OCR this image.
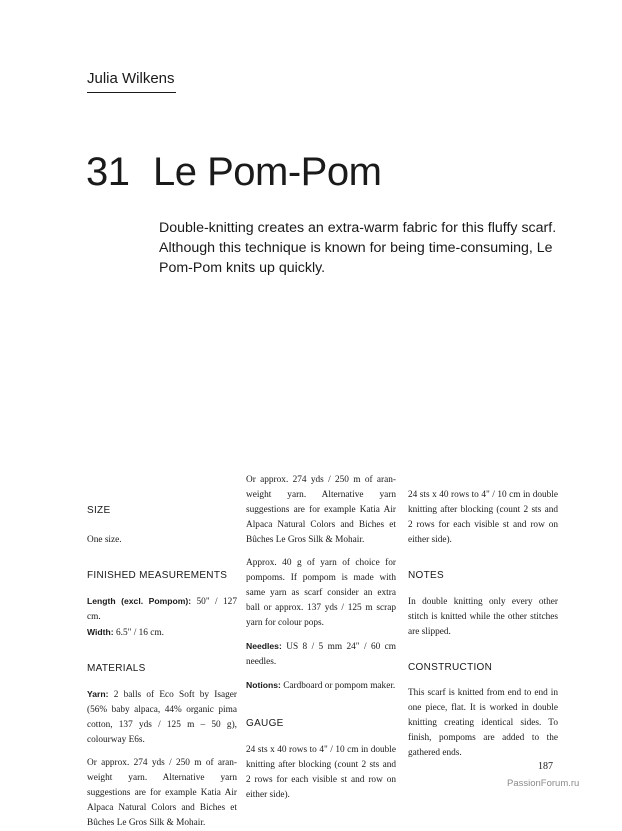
Julia Wilkens
31 Le Pom-Pom
Double-knitting creates an extra-warm fabric for this fluffy scarf. Although this technique is known for being time-consuming, Le Pom-Pom knits up quickly.

SIZE

One size.

FINISHED MEASUREMENTS

Length (excl. Pompom): 50" / 127 cm.

Width: 6.5" / 16 cm.

MATERIALS

Yarn: 2 balls of Eco Soft by Isager (56% baby alpaca, 44% organic pima cotton, 137 yds / 125 m – 50 g), colourway E6s.

Or approx. 274 yds / 250 m of aran-weight yarn. Alternative yarn suggestions are for example Katia Air Alpaca Natural Colors and Biches et Bûches Le Gros Silk & Mohair.

Or approx. 274 yds / 250 m of aran-weight yarn. Alternative yarn suggestions are for example Katia Air Alpaca Natural Colors and Biches et Bûches Le Gros Silk & Mohair.

Approx. 40 g of yarn of choice for pompoms. If pompom is made with same yarn as scarf consider an extra ball or approx. 137 yds / 125 m scrap yarn for colour pops.

Needles: US 8 / 5 mm 24" / 60 cm needles.

Notions: Cardboard or pompom maker.

GAUGE

24 sts x 40 rows to 4" / 10 cm in double knitting after blocking (count 2 sts and 2 rows for each visible st and row on either side).

24 sts x 40 rows to 4" / 10 cm in double knitting after blocking (count 2 sts and 2 rows for each visible st and row on either side).

NOTES

In double knitting only every other stitch is knitted while the other stitches are slipped.

CONSTRUCTION

This scarf is knitted from end to end in one piece, flat. It is worked in double knitting creating identical sides. To finish, pompoms are added to the gathered ends.

187
PassionForum.ru
